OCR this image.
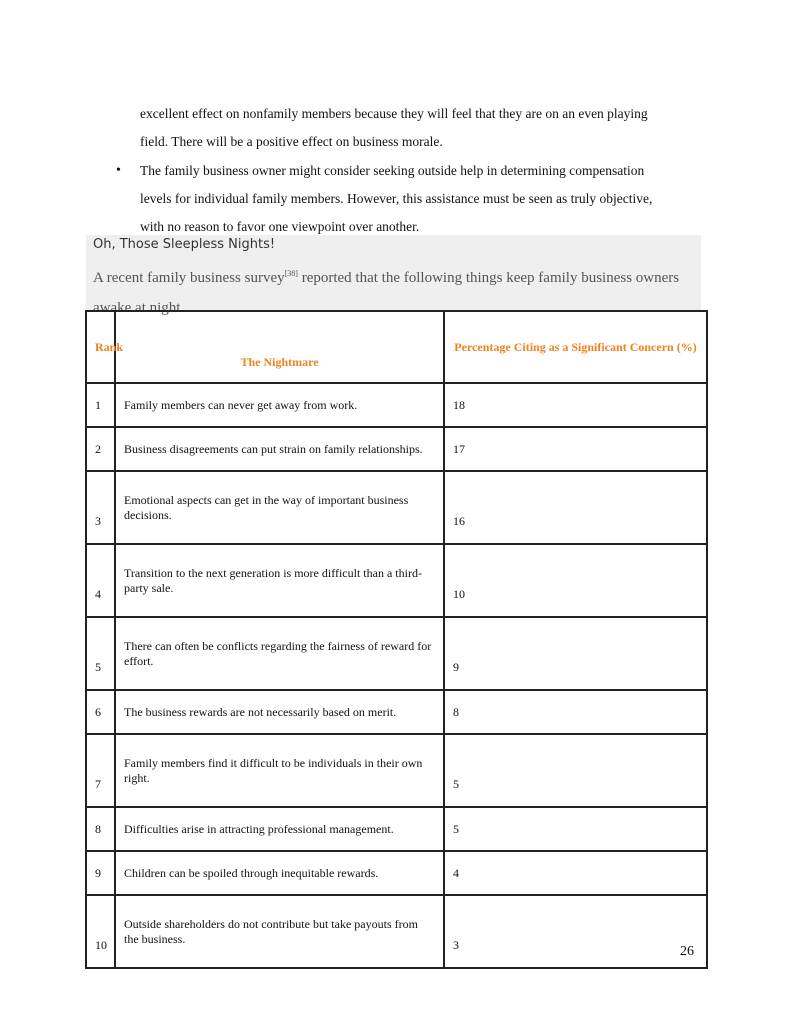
excellent effect on nonfamily members because they will feel that they are on an even playing
field. There will be a positive effect on business morale.
• The family business owner might consider seeking outside help in determining compensation
levels for individual family members. However, this assistance must be seen as truly objective,
with no reason to favor one viewpoint over another.
Oh, Those Sleepless Nights!
A recent family business survey[38] reported that the following things keep family business owners awake at night.
Rank	The Nightmare	Percentage Citing as a Significant Concern (%)
1	Family members can never get away from work.	18
2	Business disagreements can put strain on family relationships.	17
3	Emotional aspects can get in the way of important business decisions.	16
4	Transition to the next generation is more difficult than a third-party sale.	10
5	There can often be conflicts regarding the fairness of reward for effort.	9
6	The business rewards are not necessarily based on merit.	8
7	Family members find it difficult to be individuals in their own right.	5
8	Difficulties arise in attracting professional management.	5
9	Children can be spoiled through inequitable rewards.	4
10	Outside shareholders do not contribute but take payouts from the business.	3	26
